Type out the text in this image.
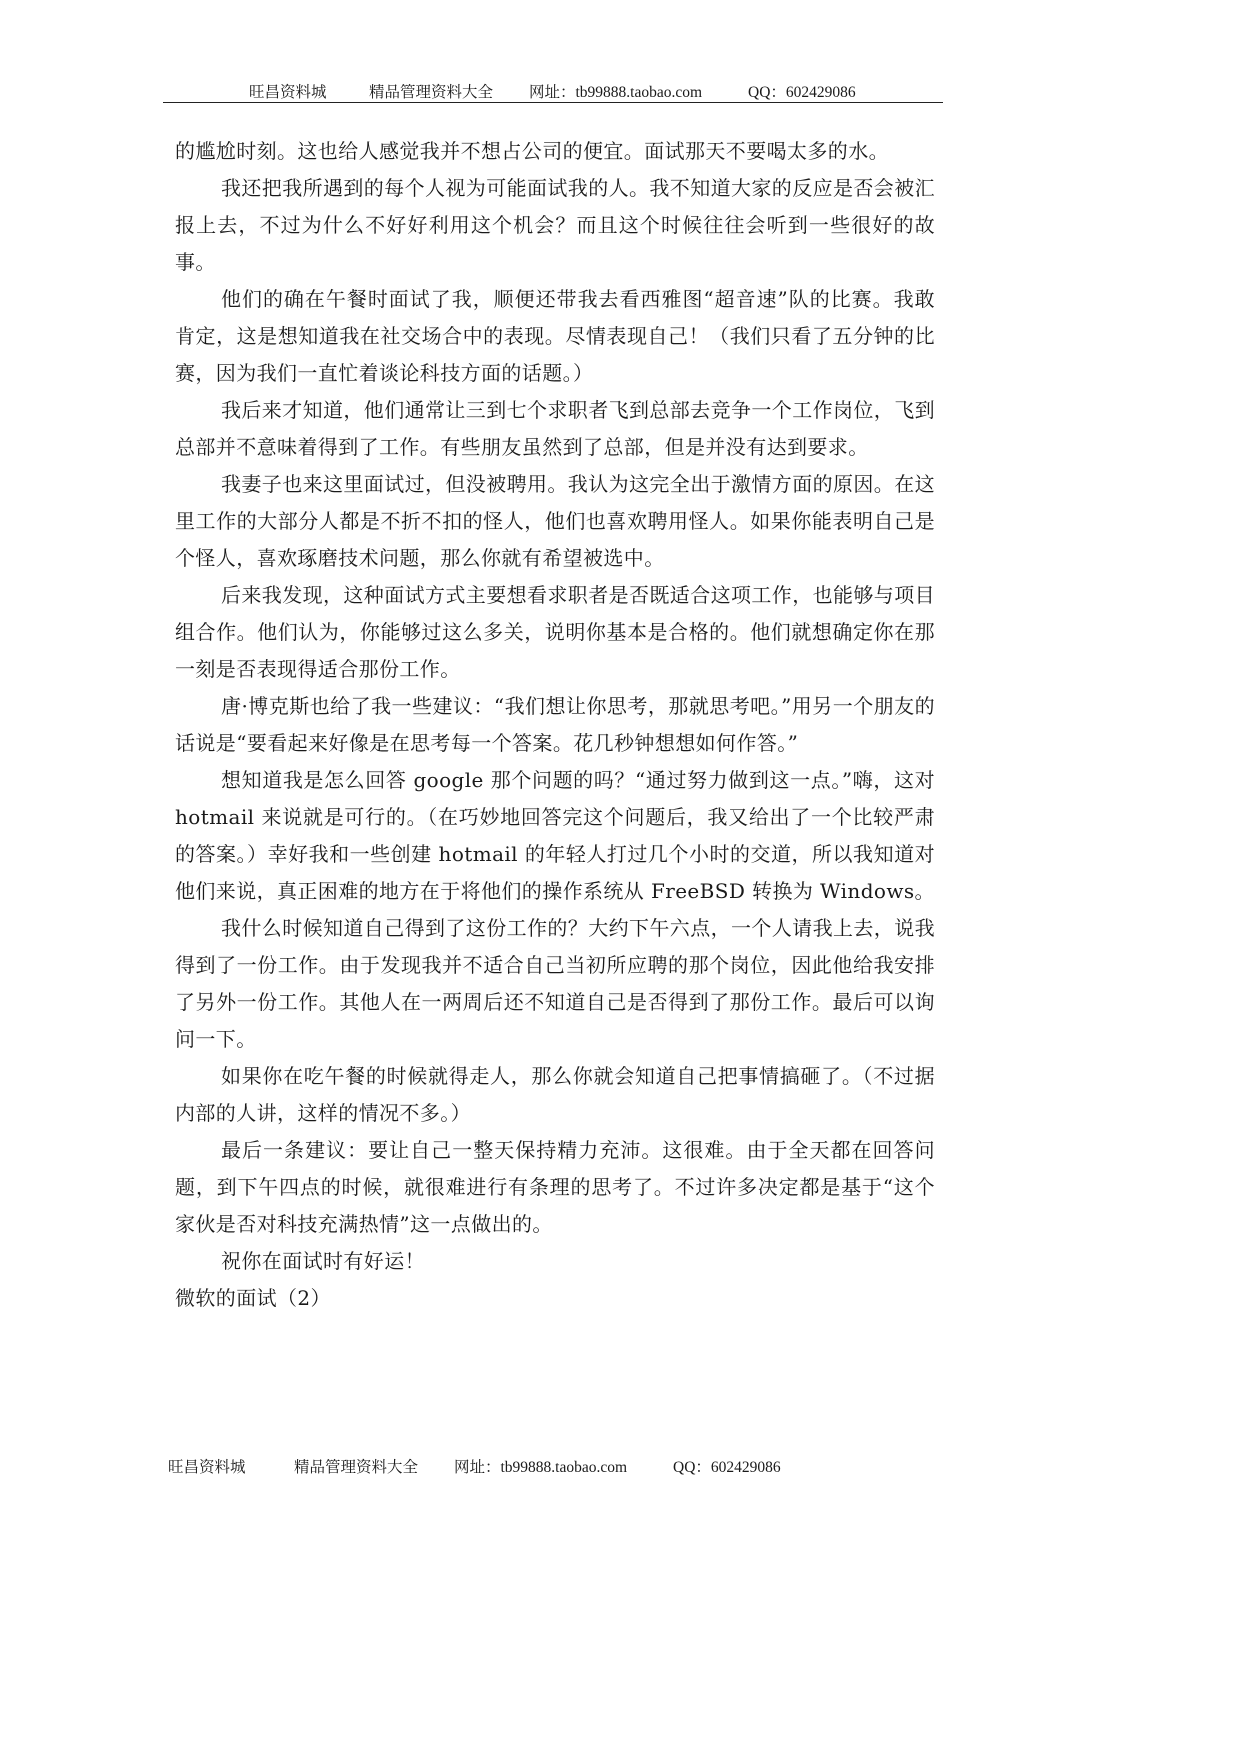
旺昌资料城	精品管理资料大全 网址：tb99888.taobao.com	QQ：602429086

的尴尬时刻。这也给人感觉我并不想占公司的便宜。面试那天不要喝太多的水。

我还把我所遇到的每个人视为可能面试我的人。我不知道大家的反应是否会被汇报上去，不过为什么不好好利用这个机会？而且这个时候往往会听到一些很好的故事。

他们的确在午餐时面试了我，顺便还带我去看西雅图“超音速”队的比赛。我敢肯定，这是想知道我在社交场合中的表现。尽情表现自己！（我们只看了五分钟的比赛，因为我们一直忙着谈论科技方面的话题。）

我后来才知道，他们通常让三到七个求职者飞到总部去竞争一个工作岗位，飞到总部并不意味着得到了工作。有些朋友虽然到了总部，但是并没有达到要求。

我妻子也来这里面试过，但没被聘用。我认为这完全出于激情方面的原因。在这里工作的大部分人都是不折不扣的怪人，他们也喜欢聘用怪人。如果你能表明自己是个怪人，喜欢琢磨技术问题，那么你就有希望被选中。

后来我发现，这种面试方式主要想看求职者是否既适合这项工作，也能够与项目组合作。他们认为，你能够过这么多关，说明你基本是合格的。他们就想确定你在那一刻是否表现得适合那份工作。

唐·博克斯也给了我一些建议：“我们想让你思考，那就思考吧。”用另一个朋友的话说是“要看起来好像是在思考每一个答案。花几秒钟想想如何作答。”

想知道我是怎么回答 google 那个问题的吗？“通过努力做到这一点。”嗨，这对 hotmail 来说就是可行的。（在巧妙地回答完这个问题后，我又给出了一个比较严肃的答案。）幸好我和一些创建 hotmail 的年轻人打过几个小时的交道，所以我知道对他们来说，真正困难的地方在于将他们的操作系统从 FreeBSD 转换为 Windows。

我什么时候知道自己得到了这份工作的？大约下午六点，一个人请我上去，说我得到了一份工作。由于发现我并不适合自己当初所应聘的那个岗位，因此他给我安排了另外一份工作。其他人在一两周后还不知道自己是否得到了那份工作。最后可以询问一下。

如果你在吃午餐的时候就得走人，那么你就会知道自己把事情搞砸了。（不过据内部的人讲，这样的情况不多。）

最后一条建议：要让自己一整天保持精力充沛。这很难。由于全天都在回答问题，到下午四点的时候，就很难进行有条理的思考了。不过许多决定都是基于“这个家伙是否对科技充满热情”这一点做出的。

祝你在面试时有好运！

微软的面试（2）

旺昌资料城	精品管理资料大全 网址：tb99888.taobao.com	QQ：602429086
